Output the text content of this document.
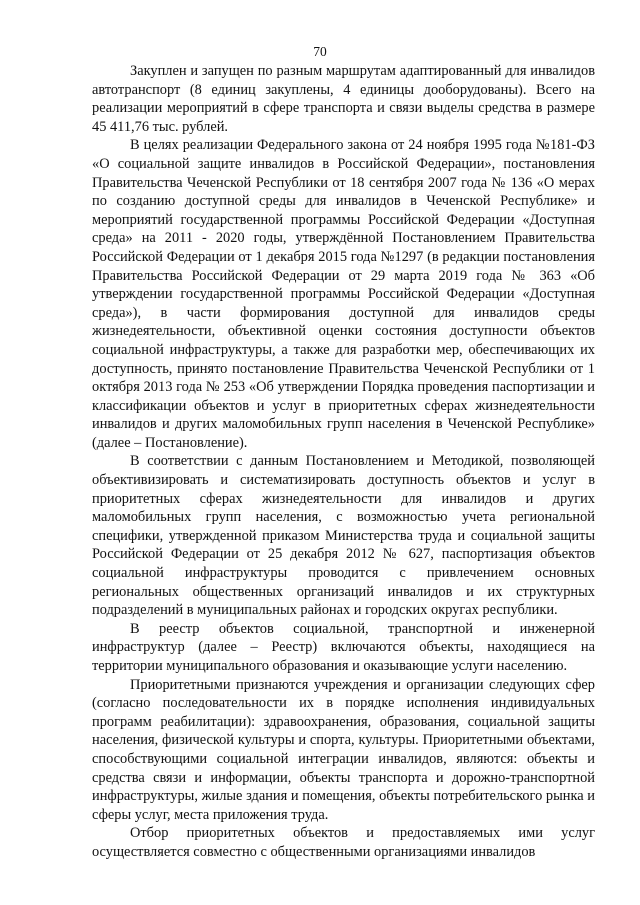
70

Закуплен и запущен по разным маршрутам адаптированный для инвалидов автотранспорт (8 единиц закуплены, 4 единицы дооборудованы). Всего на реализации мероприятий в сфере транспорта и связи выделы средства в размере 45 411,76 тыс. рублей.

В целях реализации Федерального закона от 24 ноября 1995 года №181-ФЗ «О социальной защите инвалидов в Российской Федерации», постановления Правительства Чеченской Республики от 18 сентября 2007 года № 136 «О мерах по созданию доступной среды для инвалидов в Чеченской Республике» и мероприятий государственной программы Российской Федерации «Доступная среда» на 2011 - 2020 годы, утверждённой Постановлением Правительства Российской Федерации от 1 декабря 2015 года №1297 (в редакции постановления Правительства Российской Федерации от 29 марта 2019 года № 363 «Об утверждении государственной программы Российской Федерации «Доступная среда»), в части формирования доступной для инвалидов среды жизнедеятельности, объективной оценки состояния доступности объектов социальной инфраструктуры, а также для разработки мер, обеспечивающих их доступность, принято постановление Правительства Чеченской Республики от 1 октября 2013 года № 253 «Об утверждении Порядка проведения паспортизации и классификации объектов и услуг в приоритетных сферах жизнедеятельности инвалидов и других маломобильных групп населения в Чеченской Республике» (далее – Постановление).

В соответствии с данным Постановлением и Методикой, позволяющей объективизировать и систематизировать доступность объектов и услуг в приоритетных сферах жизнедеятельности для инвалидов и других маломобильных групп населения, с возможностью учета региональной специфики, утвержденной приказом Министерства труда и социальной защиты Российской Федерации от 25 декабря 2012 № 627, паспортизация объектов социальной инфраструктуры проводится с привлечением основных региональных общественных организаций инвалидов и их структурных подразделений в муниципальных районах и городских округах республики.

В реестр объектов социальной, транспортной и инженерной инфраструктур (далее – Реестр) включаются объекты, находящиеся на территории муниципального образования и оказывающие услуги населению.

Приоритетными признаются учреждения и организации следующих сфер (согласно последовательности их в порядке исполнения индивидуальных программ реабилитации): здравоохранения, образования, социальной защиты населения, физической культуры и спорта, культуры. Приоритетными объектами, способствующими социальной интеграции инвалидов, являются: объекты и средства связи и информации, объекты транспорта и дорожно-транспортной инфраструктуры, жилые здания и помещения, объекты потребительского рынка и сферы услуг, места приложения труда.

Отбор приоритетных объектов и предоставляемых ими услуг осуществляется совместно с общественными организациями инвалидов
